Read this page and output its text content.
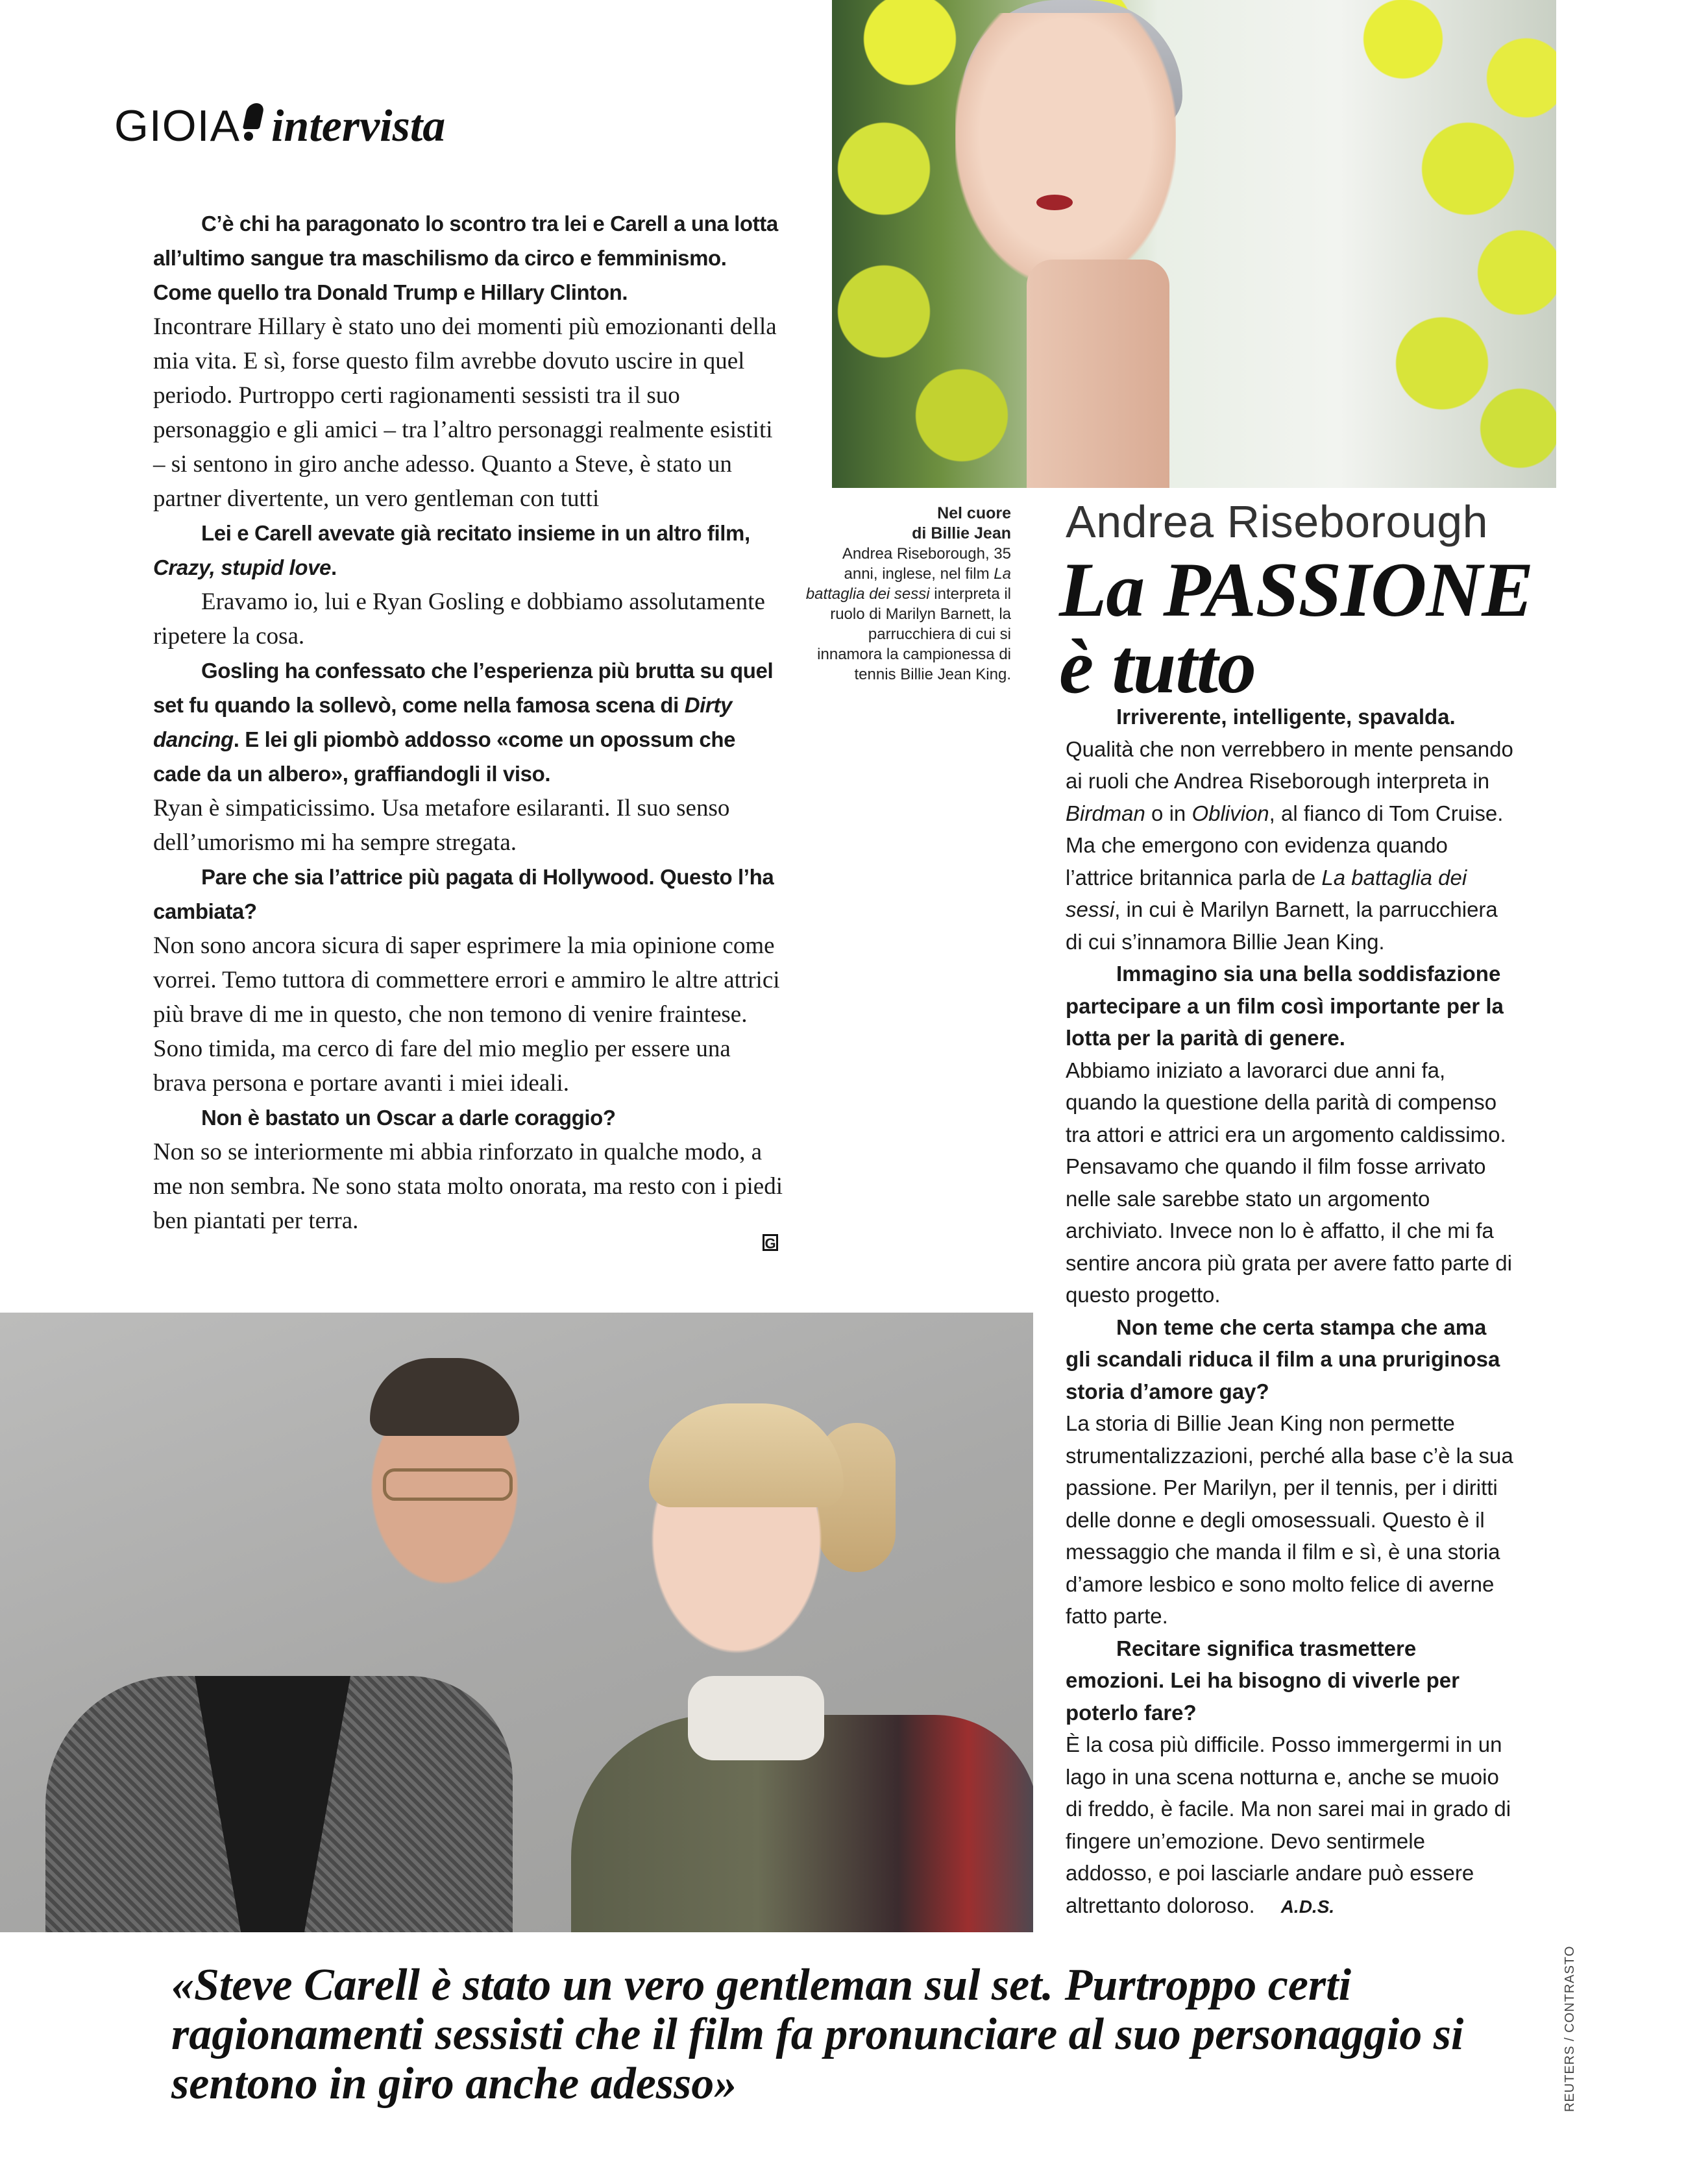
GIOIA intervista

C’è chi ha paragonato lo scontro tra lei e Carell a una lotta all’ultimo sangue tra maschilismo da circo e femminismo. Come quello tra Donald Trump e Hillary Clinton.

Incontrare Hillary è stato uno dei momenti più emozionanti della mia vita. E sì, forse questo film avrebbe dovuto uscire in quel periodo. Purtroppo certi ragionamenti sessisti tra il suo personaggio e gli amici – tra l’altro personaggi realmente esistiti – si sentono in giro anche adesso. Quanto a Steve, è stato un partner divertente, un vero gentleman con tutti

Lei e Carell avevate già recitato insieme in un altro film, Crazy, stupid love.

Eravamo io, lui e Ryan Gosling e dobbiamo assolutamente ripetere la cosa.

Gosling ha confessato che l’esperienza più brutta su quel set fu quando la sollevò, come nella famosa scena di Dirty dancing. E lei gli piombò addosso «come un opossum che cade da un albero», graffiandogli il viso.

Ryan è simpaticissimo. Usa metafore esilaranti. Il suo senso dell’umorismo mi ha sempre stregata.

Pare che sia l’attrice più pagata di Hollywood. Questo l’ha cambiata?

Non sono ancora sicura di saper esprimere la mia opinione come vorrei. Temo tuttora di commettere errori e ammiro le altre attrici più brave di me in questo, che non temono di venire fraintese. Sono timida, ma cerco di fare del mio meglio per essere una brava persona e portare avanti i miei ideali.

Non è bastato un Oscar a darle coraggio?

Non so se interiormente mi abbia rinforzato in qualche modo, a me non sembra. Ne sono stata molto onorata, ma resto con i piedi ben piantati per terra.

G
Nel cuore
di Billie Jean
Andrea Riseborough, 35 anni, inglese, nel film La battaglia dei sessi interpreta il ruolo di Marilyn Barnett, la parrucchiera di cui si innamora la campionessa di tennis Billie Jean King.
Andrea Riseborough
La PASSIONE
è tutto

Irriverente, intelligente, spavalda.

Qualità che non verrebbero in mente pensando ai ruoli che Andrea Riseborough interpreta in Birdman o in Oblivion, al fianco di Tom Cruise. Ma che emergono con evidenza quando l’attrice britannica parla de La battaglia dei sessi, in cui è Marilyn Barnett, la parrucchiera di cui s’innamora Billie Jean King.

Immagino sia una bella soddisfazione partecipare a un film così importante per la lotta per la parità di genere.

Abbiamo iniziato a lavorarci due anni fa, quando la questione della parità di compenso tra attori e attrici era un argomento caldissimo. Pensavamo che quando il film fosse arrivato nelle sale sarebbe stato un argomento archiviato. Invece non lo è affatto, il che mi fa sentire ancora più grata per avere fatto parte di questo progetto.

Non teme che certa stampa che ama gli scandali riduca il film a una pruriginosa storia d’amore gay?

La storia di Billie Jean King non permette strumentalizzazioni, perché alla base c’è la sua passione. Per Marilyn, per il tennis, per i diritti delle donne e degli omosessuali. Questo è il messaggio che manda il film e sì, è una storia d’amore lesbico e sono molto felice di averne fatto parte.

Recitare significa trasmettere emozioni. Lei ha bisogno di viverle per poterlo fare?

È la cosa più difficile. Posso immergermi in un lago in una scena notturna e, anche se muoio di freddo, è facile. Ma non sarei mai in grado di fingere un’emozione. Devo sentirmele addosso, e poi lasciarle andare può essere altrettanto doloroso. A.D.S.

«Steve Carell è stato un vero gentleman sul set. Purtroppo certi ragionamenti sessisti che il film fa pronunciare al suo personaggio si sentono in giro anche adesso»	REUTERS / CONTRASTO
